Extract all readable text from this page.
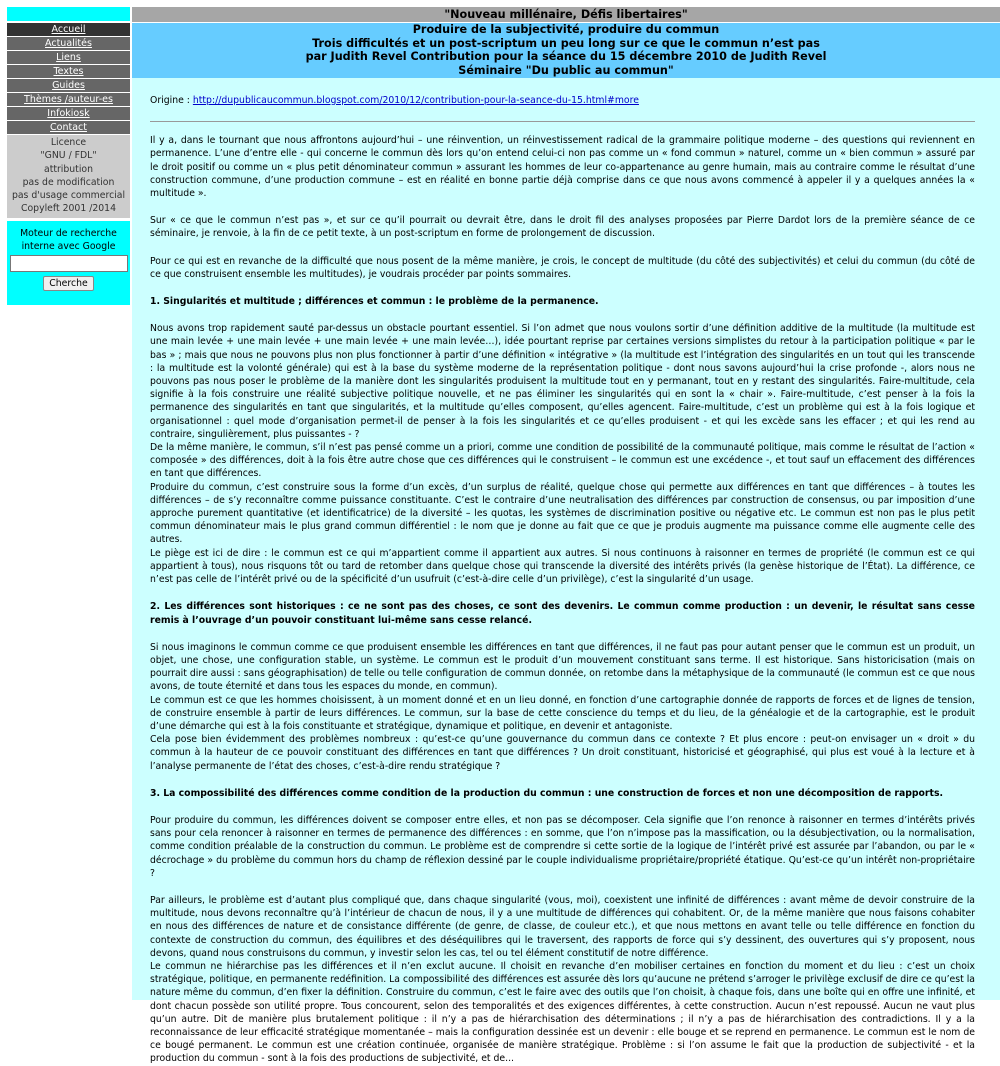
Accueil
Actualités
Liens
Textes
Guides
Thèmes /auteur-es
Infokiosk
Contact
Licence
"GNU / FDL"
attribution
pas de modification
pas d'usage commercial
Copyleft 2001 /2014
Moteur de recherche
interne avec Google
Cherche
"Nouveau millénaire, Défis libertaires"
Produire de la subjectivité, produire du commun
Trois difficultés et un post-scriptum un peu long sur ce que le commun n’est pas
par Judith Revel Contribution pour la séance du 15 décembre 2010 de Judith Revel
Séminaire "Du public au commun"

Origine : http://dupublicaucommun.blogspot.com/2010/12/contribution-pour-la-seance-du-15.html#more

Il y a, dans le tournant que nous affrontons aujourd’hui – une réinvention, un réinvestissement radical de la grammaire politique moderne – des questions qui reviennent en permanence. L’une d’entre elle - qui concerne le commun dès lors qu’on entend celui-ci non pas comme un « fond commun » naturel, comme un « bien commun » assuré par le droit positif ou comme un « plus petit dénominateur commun » assurant les hommes de leur co-appartenance au genre humain, mais au contraire comme le résultat d’une construction commune, d’une production commune – est en réalité en bonne partie déjà comprise dans ce que nous avons commencé à appeler il y a quelques années la « multitude ».

Sur « ce que le commun n’est pas », et sur ce qu’il pourrait ou devrait être, dans le droit fil des analyses proposées par Pierre Dardot lors de la première séance de ce séminaire, je renvoie, à la fin de ce petit texte, à un post-scriptum en forme de prolongement de discussion.

Pour ce qui est en revanche de la difficulté que nous posent de la même manière, je crois, le concept de multitude (du côté des subjectivités) et celui du commun (du côté de ce que construisent ensemble les multitudes), je voudrais procéder par points sommaires.

1. Singularités et multitude ; différences et commun : le problème de la permanence.

Nous avons trop rapidement sauté par-dessus un obstacle pourtant essentiel. Si l’on admet que nous voulons sortir d’une définition additive de la multitude (la multitude est une main levée + une main levée + une main levée + une main levée…), idée pourtant reprise par certaines versions simplistes du retour à la participation politique « par le bas » ; mais que nous ne pouvons plus non plus fonctionner à partir d’une définition « intégrative » (la multitude est l’intégration des singularités en un tout qui les transcende : la multitude est la volonté générale) qui est à la base du système moderne de la représentation politique - dont nous savons aujourd’hui la crise profonde -, alors nous ne pouvons pas nous poser le problème de la manière dont les singularités produisent la multitude tout en y permanant, tout en y restant des singularités. Faire-multitude, cela signifie à la fois construire une réalité subjective politique nouvelle, et ne pas éliminer les singularités qui en sont la « chair ». Faire-multitude, c’est penser à la fois la permanence des singularités en tant que singularités, et la multitude qu’elles composent, qu’elles agencent. Faire-multitude, c’est un problème qui est à la fois logique et organisationnel : quel mode d’organisation permet-il de penser à la fois les singularités et ce qu’elles produisent - et qui les excède sans les effacer ; et qui les rend au contraire, singulièrement, plus puissantes - ?

De la même manière, le commun, s’il n’est pas pensé comme un a priori, comme une condition de possibilité de la communauté politique, mais comme le résultat de l’action « composée » des différences, doit à la fois être autre chose que ces différences qui le construisent – le commun est une excédence -, et tout sauf un effacement des différences en tant que différences.

Produire du commun, c’est construire sous la forme d’un excès, d’un surplus de réalité, quelque chose qui permette aux différences en tant que différences – à toutes les différences – de s’y reconnaître comme puissance constituante. C’est le contraire d’une neutralisation des différences par construction de consensus, ou par imposition d’une approche purement quantitative (et identificatrice) de la diversité – les quotas, les systèmes de discrimination positive ou négative etc. Le commun est non pas le plus petit commun dénominateur mais le plus grand commun différentiel : le nom que je donne au fait que ce que je produis augmente ma puissance comme elle augmente celle des autres.

Le piège est ici de dire : le commun est ce qui m’appartient comme il appartient aux autres. Si nous continuons à raisonner en termes de propriété (le commun est ce qui appartient à tous), nous risquons tôt ou tard de retomber dans quelque chose qui transcende la diversité des intérêts privés (la genèse historique de l’État). La différence, ce n’est pas celle de l’intérêt privé ou de la spécificité d’un usufruit (c’est-à-dire celle d’un privilège), c’est la singularité d’un usage.

2. Les différences sont historiques : ce ne sont pas des choses, ce sont des devenirs. Le commun comme production : un devenir, le résultat sans cesse remis à l’ouvrage d’un pouvoir constituant lui-même sans cesse relancé.

Si nous imaginons le commun comme ce que produisent ensemble les différences en tant que différences, il ne faut pas pour autant penser que le commun est un produit, un objet, une chose, une configuration stable, un système. Le commun est le produit d’un mouvement constituant sans terme. Il est historique. Sans historicisation (mais on pourrait dire aussi : sans géographisation) de telle ou telle configuration de commun donnée, on retombe dans la métaphysique de la communauté (le commun est ce que nous avons, de toute éternité et dans tous les espaces du monde, en commun).

Le commun est ce que les hommes choisissent, à un moment donné et en un lieu donné, en fonction d’une cartographie donnée de rapports de forces et de lignes de tension, de construire ensemble à partir de leurs différences. Le commun, sur la base de cette conscience du temps et du lieu, de la généalogie et de la cartographie, est le produit d’une démarche qui est à la fois constituante et stratégique, dynamique et politique, en devenir et antagoniste.

Cela pose bien évidemment des problèmes nombreux : qu’est-ce qu’une gouvernance du commun dans ce contexte ? Et plus encore : peut-on envisager un « droit » du commun à la hauteur de ce pouvoir constituant des différences en tant que différences ? Un droit constituant, historicisé et géographisé, qui plus est voué à la lecture et à l’analyse permanente de l’état des choses, c’est-à-dire rendu stratégique ?

3. La compossibilité des différences comme condition de la production du commun : une construction de forces et non une décomposition de rapports.

Pour produire du commun, les différences doivent se composer entre elles, et non pas se décomposer. Cela signifie que l’on renonce à raisonner en termes d’intérêts privés sans pour cela renoncer à raisonner en termes de permanence des différences : en somme, que l’on n’impose pas la massification, ou la désubjectivation, ou la normalisation, comme condition préalable de la construction du commun. Le problème est de comprendre si cette sortie de la logique de l’intérêt privé est assurée par l’abandon, ou par le « décrochage » du problème du commun hors du champ de réflexion dessiné par le couple individualisme propriétaire/propriété étatique. Qu’est-ce qu’un intérêt non-propriétaire ?

Par ailleurs, le problème est d’autant plus compliqué que, dans chaque singularité (vous, moi), coexistent une infinité de différences : avant même de devoir construire de la multitude, nous devons reconnaître qu’à l’intérieur de chacun de nous, il y a une multitude de différences qui cohabitent. Or, de la même manière que nous faisons cohabiter en nous des différences de nature et de consistance différente (de genre, de classe, de couleur etc.), et que nous mettons en avant telle ou telle différence en fonction du contexte de construction du commun, des équilibres et des déséquilibres qui le traversent, des rapports de force qui s’y dessinent, des ouvertures qui s’y proposent, nous devons, quand nous construisons du commun, y investir selon les cas, tel ou tel élément constitutif de notre différence.

Le commun ne hiérarchise pas les différences et il n’en exclut aucune. Il choisit en revanche d’en mobiliser certaines en fonction du moment et du lieu : c’est un choix stratégique, politique, en permanente redéfinition. La compossibilité des différences est assurée dès lors qu’aucune ne prétend s’arroger le privilège exclusif de dire ce qu’est la nature même du commun, d’en fixer la définition. Construire du commun, c’est le faire avec des outils que l’on choisit, à chaque fois, dans une boîte qui en offre une infinité, et dont chacun possède son utilité propre. Tous concourent, selon des temporalités et des exigences différentes, à cette construction. Aucun n’est repoussé. Aucun ne vaut plus qu’un autre. Dit de manière plus brutalement politique : il n’y a pas de hiérarchisation des déterminations ; il n’y a pas de hiérarchisation des contradictions. Il y a la reconnaissance de leur efficacité stratégique momentanée – mais la configuration dessinée est un devenir : elle bouge et se reprend en permanence. Le commun est le nom de ce bougé permanent. Le commun est une création continuée, organisée de manière stratégique. Problème : si l’on assume le fait que la production de subjectivité - et la production du commun - sont à la fois des productions de subjectivité, et de...
